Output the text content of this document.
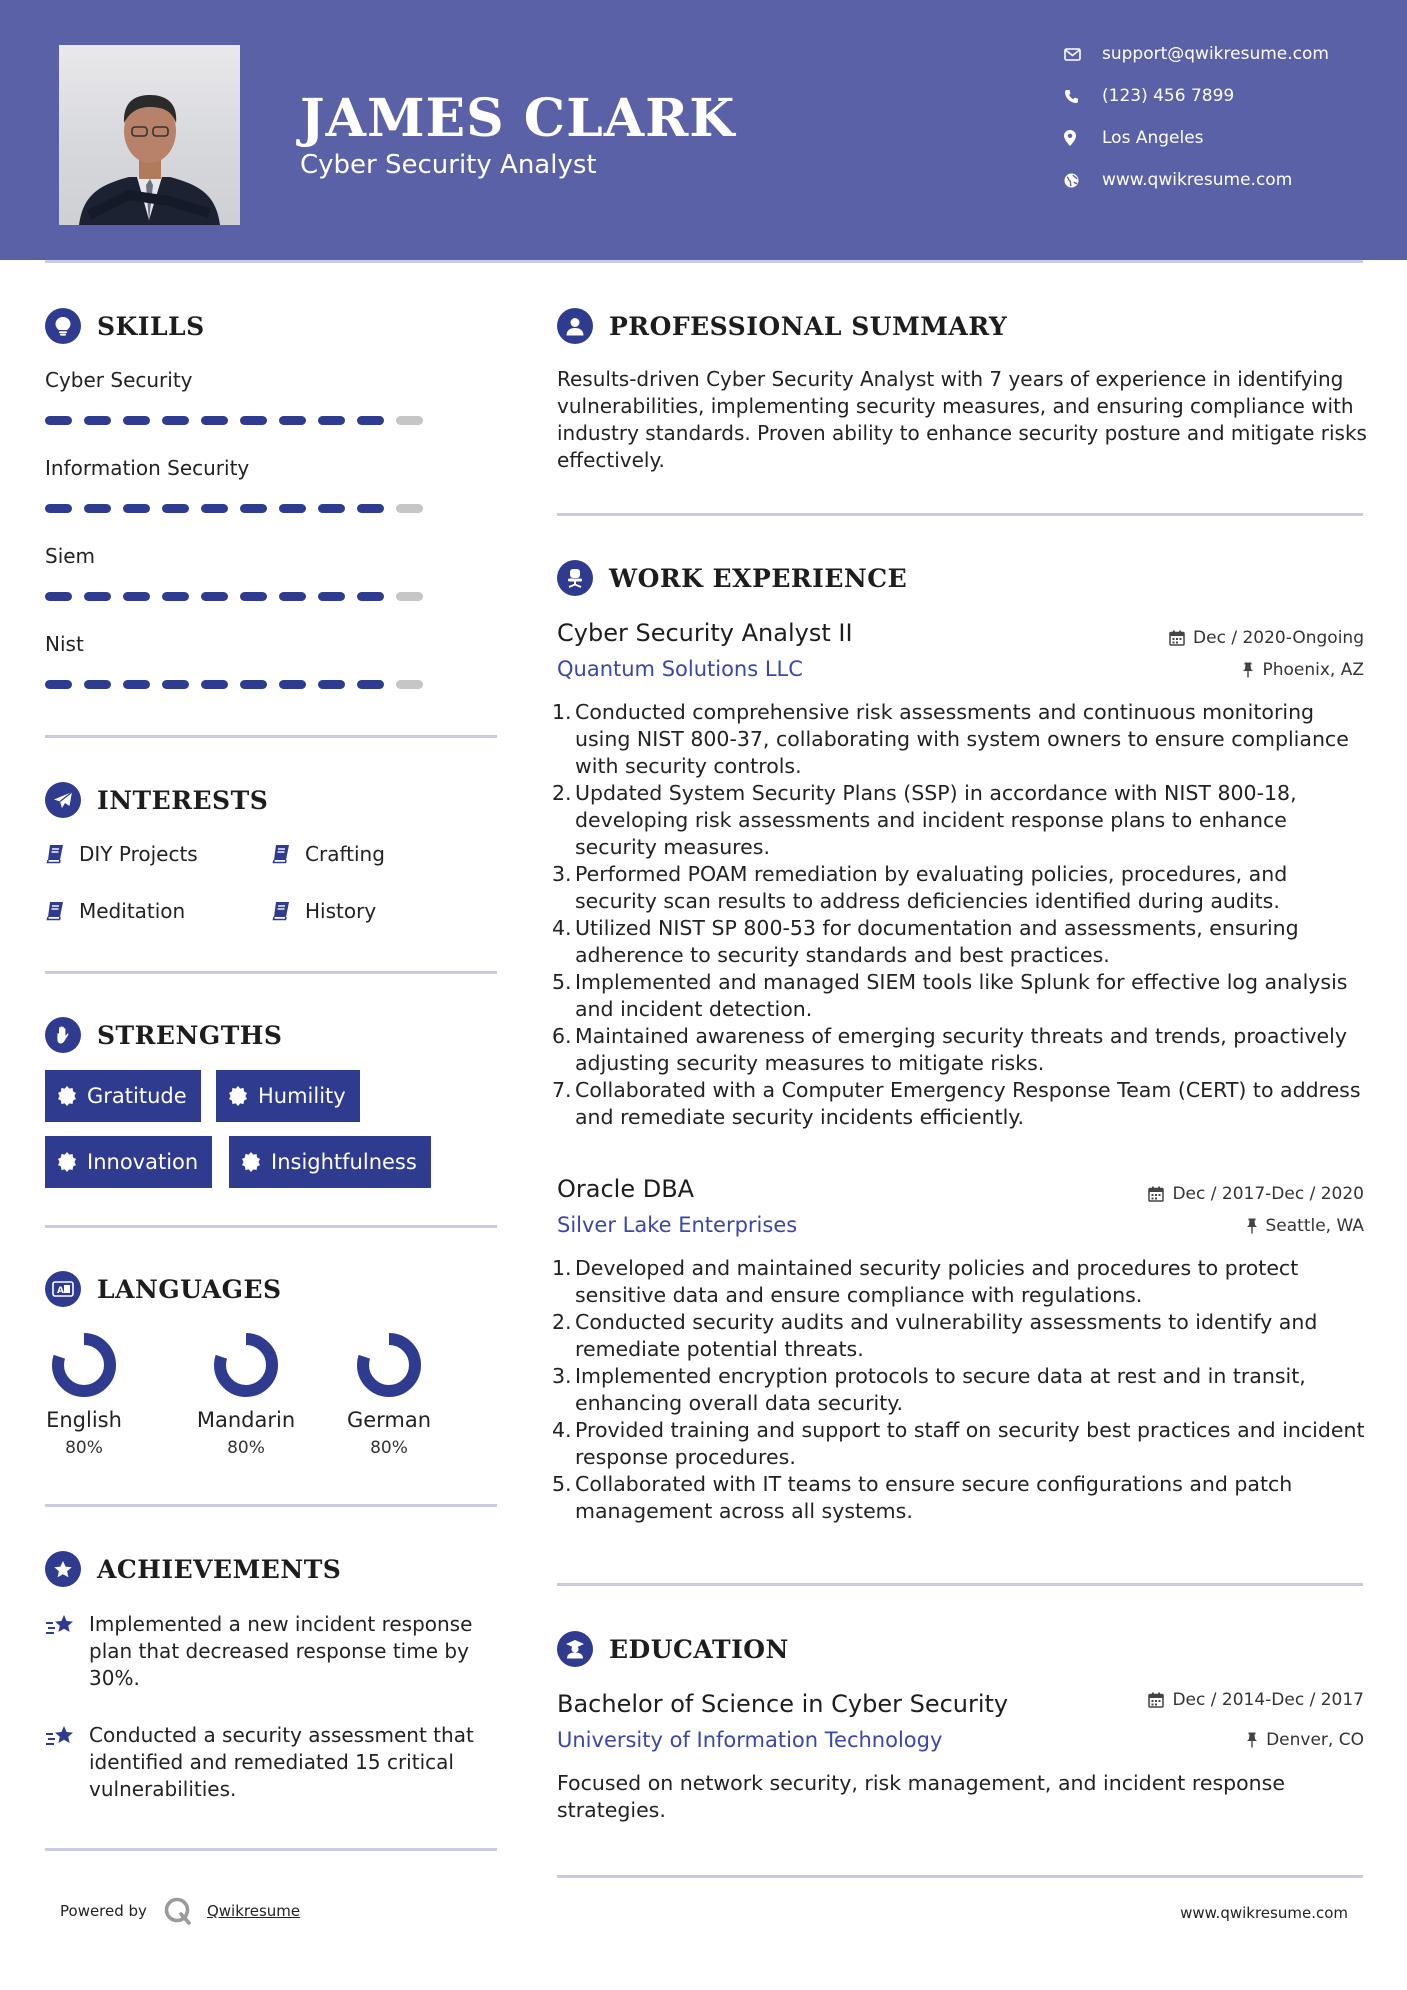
JAMES CLARK
Cyber Security Analyst
support@qwikresume.com
(123) 456 7899
Los Angeles
www.qwikresume.com
SKILLS
Cyber Security
Information Security
Siem
Nist
INTERESTS
DIY Projects	Crafting
Meditation	History
STRENGTHS
Gratitude	Humility
Innovation	Insightfulness
A LANGUAGES
English
80%
Mandarin
80%
German
80%
ACHIEVEMENTS

Implemented a new incident response plan that decreased response time by 30%.

Conducted a security assessment that identified and remediated 15 critical vulnerabilities.

PROFESSIONAL SUMMARY

Results-driven Cyber Security Analyst with 7 years of experience in identifying vulnerabilities, implementing security measures, and ensuring compliance with industry standards. Proven ability to enhance security posture and mitigate risks effectively.

WORK EXPERIENCE
Cyber Security Analyst II	Dec / 2020-Ongoing
Quantum Solutions LLC	Phoenix, AZ
1. Conducted comprehensive risk assessments and continuous monitoring using NIST 800-37, collaborating with system owners to ensure compliance with security controls.
2. Updated System Security Plans (SSP) in accordance with NIST 800-18, developing risk assessments and incident response plans to enhance security measures.
3. Performed POAM remediation by evaluating policies, procedures, and security scan results to address deficiencies identified during audits.
4. Utilized NIST SP 800-53 for documentation and assessments, ensuring adherence to security standards and best practices.
5. Implemented and managed SIEM tools like Splunk for effective log analysis and incident detection.
6. Maintained awareness of emerging security threats and trends, proactively adjusting security measures to mitigate risks.
7. Collaborated with a Computer Emergency Response Team (CERT) to address and remediate security incidents efficiently.
Oracle DBA	Dec / 2017-Dec / 2020
Silver Lake Enterprises	Seattle, WA
1. Developed and maintained security policies and procedures to protect sensitive data and ensure compliance with regulations.
2. Conducted security audits and vulnerability assessments to identify and remediate potential threats.
3. Implemented encryption protocols to secure data at rest and in transit, enhancing overall data security.
4. Provided training and support to staff on security best practices and incident response procedures.
5. Collaborated with IT teams to ensure secure configurations and patch management across all systems.
EDUCATION
Bachelor of Science in Cyber Security	Dec / 2014-Dec / 2017
University of Information Technology	Denver, CO

Focused on network security, risk management, and incident response strategies.

Powered by	Qwikresume	www.qwikresume.com
